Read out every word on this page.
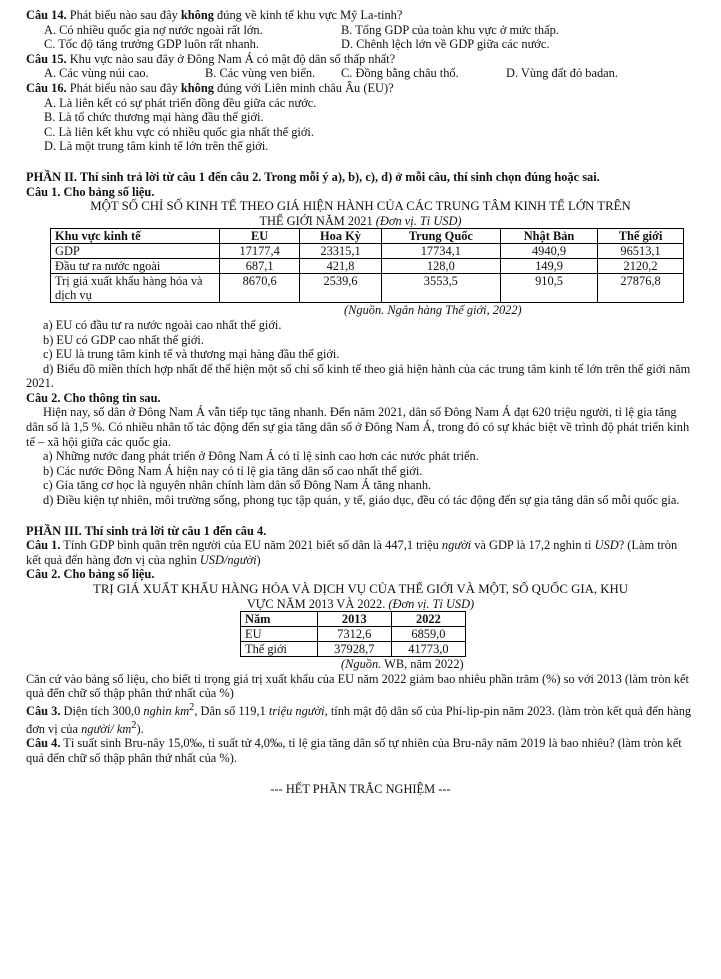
Câu 14. Phát biểu nào sau đây không đúng về kinh tế khu vực Mỹ La-tinh?

A. Có nhiều quốc gia nợ nước ngoài rất lớn.	B. Tổng GDP của toàn khu vực ở mức thấp.
C. Tốc độ tăng trưởng GDP luôn rất nhanh.	D. Chênh lệch lớn về GDP giữa các nước.

Câu 15. Khu vực nào sau đây ở Đông Nam Á có mật độ dân số thấp nhất?

A. Các vùng núi cao.	B. Các vùng ven biển.	C. Đồng bằng châu thổ.	D. Vùng đất đỏ badan.

Câu 16. Phát biểu nào sau đây không đúng với Liên minh châu Âu (EU)?

A. Là liên kết có sự phát triển đồng đều giữa các nước.

B. Là tổ chức thương mại hàng đầu thế giới.

C. Là liên kết khu vực có nhiều quốc gia nhất thế giới.

D. Là một trung tâm kinh tế lớn trên thế giới.

PHẦN II. Thí sinh trả lời từ câu 1 đến câu 2. Trong mỗi ý a), b), c), d) ở mỗi câu, thí sinh chọn đúng hoặc sai.

Câu 1. Cho bảng số liệu.

MỘT SỐ CHỈ SỐ KINH TẾ THEO GIÁ HIỆN HÀNH CỦA CÁC TRUNG TÂM KINH TẾ LỚN TRÊN

THẾ GIỚI NĂM 2021 (Đơn vị. Tỉ USD)

Khu vực kinh tế	EU	Hoa Kỳ	Trung Quốc	Nhật Bản	Thế giới
GDP	17177,4	23315,1	17734,1	4940,9	96513,1
Đầu tư ra nước ngoài	687,1	421,8	128,0	149,9	2120,2
Trị giá xuất khẩu hàng hóa và dịch vụ	8670,6	2539,6	3553,5	910,5	27876,8

(Nguồn. Ngân hàng Thế giới, 2022)

a) EU có đầu tư ra nước ngoài cao nhất thế giới.

b) EU có GDP cao nhất thế giới.

c) EU là trung tâm kinh tế và thương mại hàng đầu thế giới.

d) Biểu đồ miền thích hợp nhất để thể hiện một số chỉ số kinh tế theo giá hiện hành của các trung tâm kinh tế lớn trên thế giới năm 2021.

Câu 2. Cho thông tin sau.

Hiện nay, số dân ở Đông Nam Á vẫn tiếp tục tăng nhanh. Đến năm 2021, dân số Đông Nam Á đạt 620 triệu người, tỉ lệ gia tăng dân số là 1,5 %. Có nhiều nhân tố tác động đến sự gia tăng dân số ở Đông Nam Á, trong đó có sự khác biệt về trình độ phát triển kinh tế – xã hội giữa các quốc gia.

a) Những nước đang phát triển ở Đông Nam Á có tỉ lệ sinh cao hơn các nước phát triển.

b) Các nước Đông Nam Á hiện nay có tỉ lệ gia tăng dân số cao nhất thế giới.

c) Gia tăng cơ học là nguyên nhân chính làm dân số Đông Nam Á tăng nhanh.

d) Điều kiện tự nhiên, môi trường sống, phong tục tập quán, y tế, giáo dục, đều có tác động đến sự gia tăng dân số mỗi quốc gia.

PHẦN III. Thí sinh trả lời từ câu 1 đến câu 4.

Câu 1. Tính GDP bình quân trên người của EU năm 2021 biết số dân là 447,1 triệu người và GDP là 17,2 nghìn tỉ USD? (Làm tròn kết quả đến hàng đơn vị của nghìn USD/người)

Câu 2. Cho bảng số liệu.

TRỊ GIÁ XUẤT KHẨU HÀNG HÓA VÀ DỊCH VỤ CỦA THẾ GIỚI VÀ MỘT, SỐ QUỐC GIA, KHU

VỰC NĂM 2013 VÀ 2022. (Đơn vị. Tỉ USD)

Năm	2013	2022
EU	7312,6	6859,0
Thế giới	37928,7	41773,0

(Nguồn. WB, năm 2022)

Căn cứ vào bảng số liệu, cho biết tỉ trọng giá trị xuất khẩu của EU năm 2022 giảm bao nhiêu phần trăm (%) so với 2013 (làm tròn kết quả đến chữ số thập phân thứ nhất của %)

Câu 3. Diện tích 300,0 nghìn $km^2$, Dân số 119,1 triệu người, tính mật độ dân số của Phi-lip-pin năm 2023. (làm tròn kết quả đến hàng đơn vị của người/ $km^2$).

Câu 4. Tỉ suất sinh Bru-nây 15,0‰, tỉ suất tử 4,0‰, tỉ lệ gia tăng dân số tự nhiên của Bru-nây năm 2019 là bao nhiêu? (làm tròn kết quả đến chữ số thập phân thứ nhất của %).

--- HẾT PHẦN TRẮC NGHIỆM ---
